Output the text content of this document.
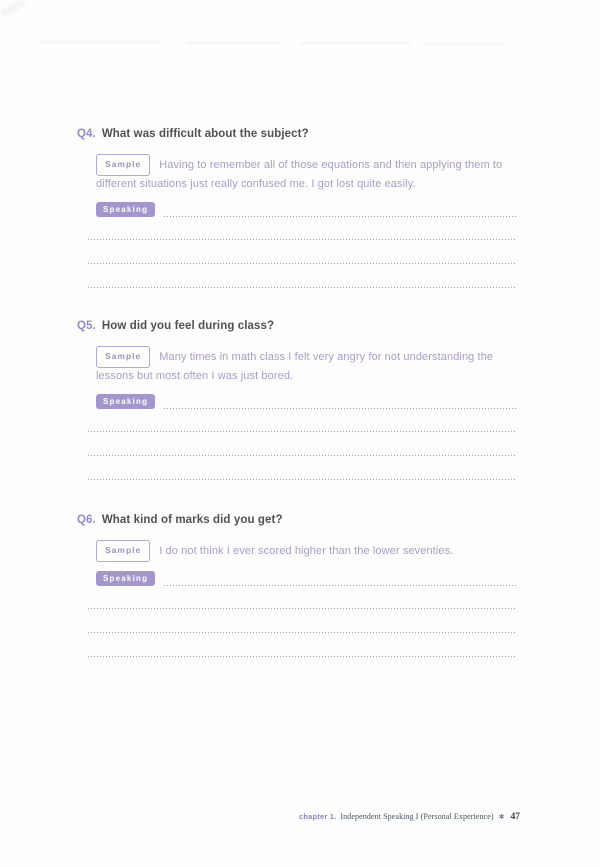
Q4. What was difficult about the subject?

Sample Having to remember all of those equations and then applying them to different situations just really confused me. I got lost quite easily.

Speaking
Q5. How did you feel during class?

Sample Many times in math class I felt very angry for not understanding the lessons but most often I was just bored.

Speaking
Q6. What kind of marks did you get?

Sample I do not think I ever scored higher than the lower seventies.

Speaking
chapter 1. Independent Speaking I (Personal Experience) ✱ 47
